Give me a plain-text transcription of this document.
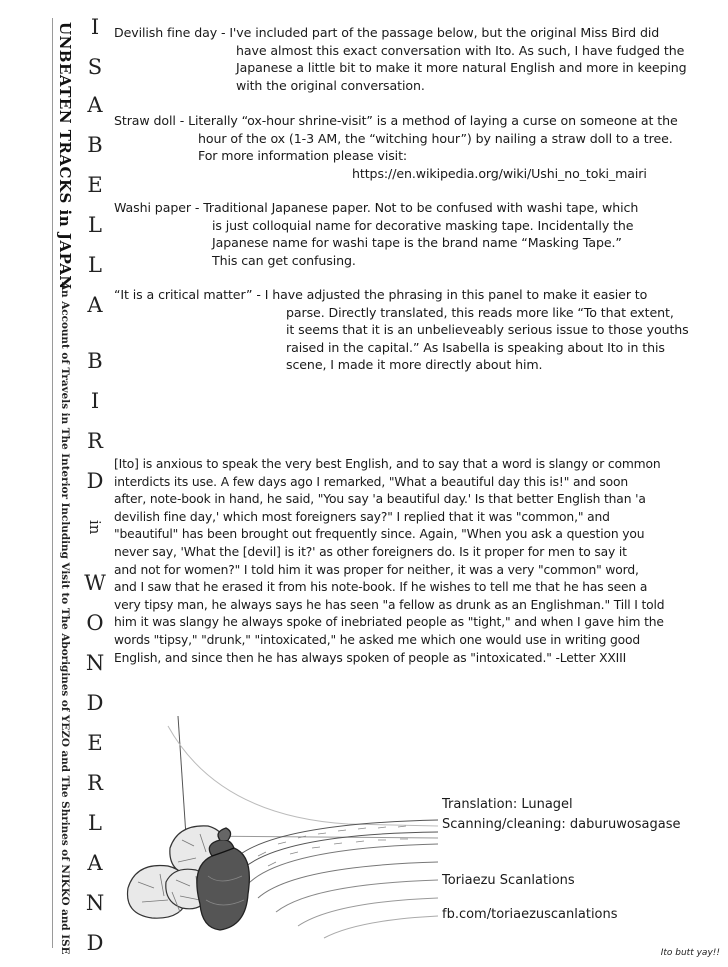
UNBEATEN TRACKS in JAPAN
An Account of Travels in The Interior Including Visit to The Aborigines of YEZO and The Shrines of NIKKO and ISE
I
S
A
B
E
L
L
A
B
I
R
D
in
W
O
N
D
E
R
L
A
N
D
Devilish fine day - I've included part of the passage below, but the original Miss Bird did
have almost this exact conversation with Ito. As such, I have fudged the
Japanese a little bit to make it more natural English and more in keeping
with the original conversation.
Straw doll - Literally “ox-hour shrine-visit” is a method of laying a curse on someone at the
hour of the ox (1-3 AM, the “witching hour”) by nailing a straw doll to a tree.
For more information please visit:
https://en.wikipedia.org/wiki/Ushi_no_toki_mairi
Washi paper - Traditional Japanese paper. Not to be confused with washi tape, which
is just colloquial name for decorative masking tape. Incidentally the
Japanese name for washi tape is the brand name “Masking Tape.”
This can get confusing.
“It is a critical matter” - I have adjusted the phrasing in this panel to make it easier to
parse. Directly translated, this reads more like “To that extent,
it seems that it is an unbelieveably serious issue to those youths
raised in the capital.” As Isabella is speaking about Ito in this
scene, I made it more directly about him.
[Ito] is anxious to speak the very best English, and to say that a word is slangy or common
interdicts its use. A few days ago I remarked, "What a beautiful day this is!" and soon
after, note-book in hand, he said, "You say 'a beautiful day.' Is that better English than 'a
devilish fine day,' which most foreigners say?" I replied that it was "common," and
"beautiful" has been brought out frequently since. Again, "When you ask a question you
never say, 'What the [devil] is it?' as other foreigners do. Is it proper for men to say it
and not for women?" I told him it was proper for neither, it was a very "common" word,
and I saw that he erased it from his note-book. If he wishes to tell me that he has seen a
very tipsy man, he always says he has seen "a fellow as drunk as an Englishman." Till I told
him it was slangy he always spoke of inebriated people as "tight," and when I gave him the
words "tipsy," "drunk," "intoxicated," he asked me which one would use in writing good
English, and since then he has always spoken of people as "intoxicated." -Letter XXIII
Translation: Lunagel
Scanning/cleaning: daburuwosagase
Toriaezu Scanlations
fb.com/toriaezuscanlations
Ito butt yay!!
